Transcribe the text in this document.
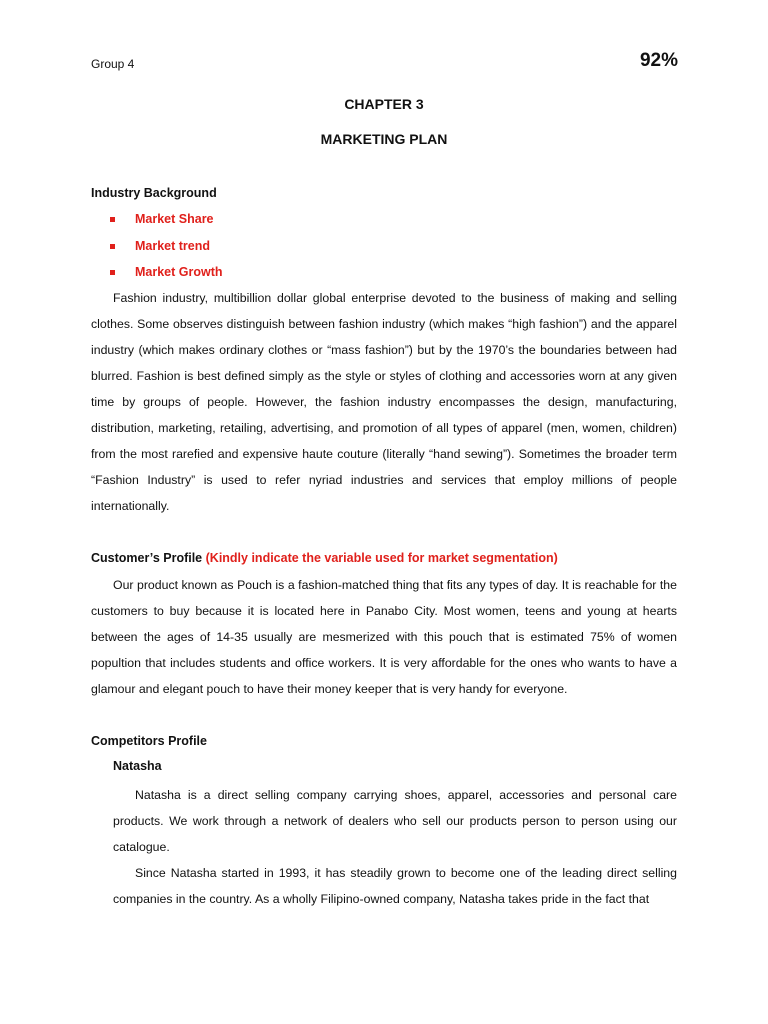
Group 4	92%
CHAPTER 3
MARKETING PLAN
Industry Background
Market Share
Market trend
Market Growth

Fashion industry, multibillion dollar global enterprise devoted to the business of making and selling clothes. Some observes distinguish between fashion industry (which makes “high fashion”) and the apparel industry (which makes ordinary clothes or “mass fashion”) but by the 1970’s the boundaries between had blurred. Fashion is best defined simply as the style or styles of clothing and accessories worn at any given time by groups of people. However, the fashion industry encompasses the design, manufacturing, distribution, marketing, retailing, advertising, and promotion of all types of apparel (men, women, children) from the most rarefied and expensive haute couture (literally “hand sewing”). Sometimes the broader term “Fashion Industry” is used to refer nyriad industries and services that employ millions of people internationally.

Customer’s Profile (Kindly indicate the variable used for market segmentation)

Our product known as Pouch is a fashion-matched thing that fits any types of day. It is reachable for the customers to buy because it is located here in Panabo City. Most women, teens and young at hearts between the ages of 14-35 usually are mesmerized with this pouch that is estimated 75% of women popultion that includes students and office workers. It is very affordable for the ones who wants to have a glamour and elegant pouch to have their money keeper that is very handy for everyone.

Competitors Profile
Natasha

Natasha is a direct selling company carrying shoes, apparel, accessories and personal care products. We work through a network of dealers who sell our products person to person using our catalogue.

Since Natasha started in 1993, it has steadily grown to become one of the leading direct selling companies in the country. As a wholly Filipino-owned company, Natasha takes pride in the fact that
